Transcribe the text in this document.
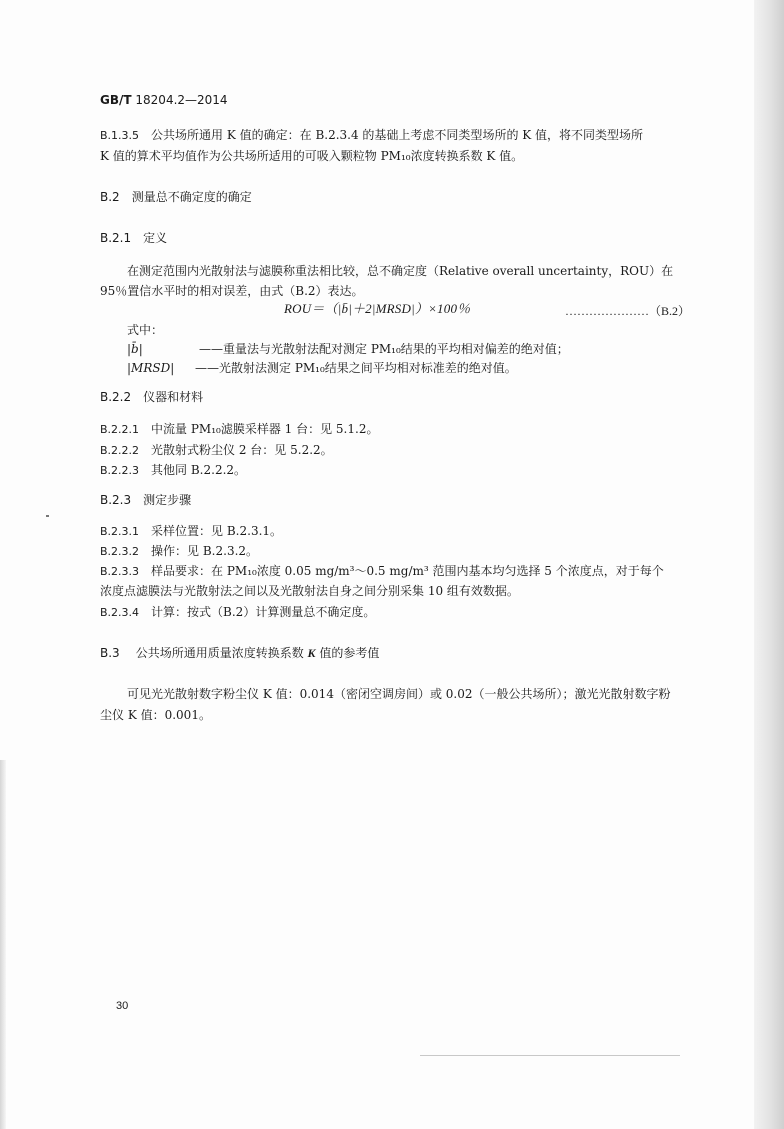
GB/T 18204.2—2014
B.1.3.5 公共场所通用 K 值的确定：在 B.2.3.4 的基础上考虑不同类型场所的 K 值，将不同类型场所
K 值的算术平均值作为公共场所适用的可吸入颗粒物 PM₁₀浓度转换系数 K 值。
B.2 测量总不确定度的确定
B.2.1 定义
在测定范围内光散射法与滤膜称重法相比较，总不确定度（Relative overall uncertainty，ROU）在
95％置信水平时的相对误差，由式（B.2）表达。
ROU＝（|b̄|＋2|MRSD|）×100％	…………………（B.2）
式中：
|b̄|	——重量法与光散射法配对测定 PM₁₀结果的平均相对偏差的绝对值；
|MRSD| ——光散射法测定 PM₁₀结果之间平均相对标准差的绝对值。
B.2.2 仪器和材料
B.2.2.1 中流量 PM₁₀滤膜采样器 1 台：见 5.1.2。
B.2.2.2 光散射式粉尘仪 2 台：见 5.2.2。
B.2.2.3 其他同 B.2.2.2。
B.2.3 测定步骤
B.2.3.1 采样位置：见 B.2.3.1。
B.2.3.2 操作：见 B.2.3.2。
B.2.3.3 样品要求：在 PM₁₀浓度 0.05 mg/m³～0.5 mg/m³ 范围内基本均匀选择 5 个浓度点，对于每个
浓度点滤膜法与光散射法之间以及光散射法自身之间分别采集 10 组有效数据。
B.2.3.4 计算：按式（B.2）计算测量总不确定度。
B.3 公共场所通用质量浓度转换系数 K 值的参考值
可见光光散射数字粉尘仪 K 值：0.014（密闭空调房间）或 0.02（一般公共场所）；激光光散射数字粉
尘仪 K 值：0.001。
30
